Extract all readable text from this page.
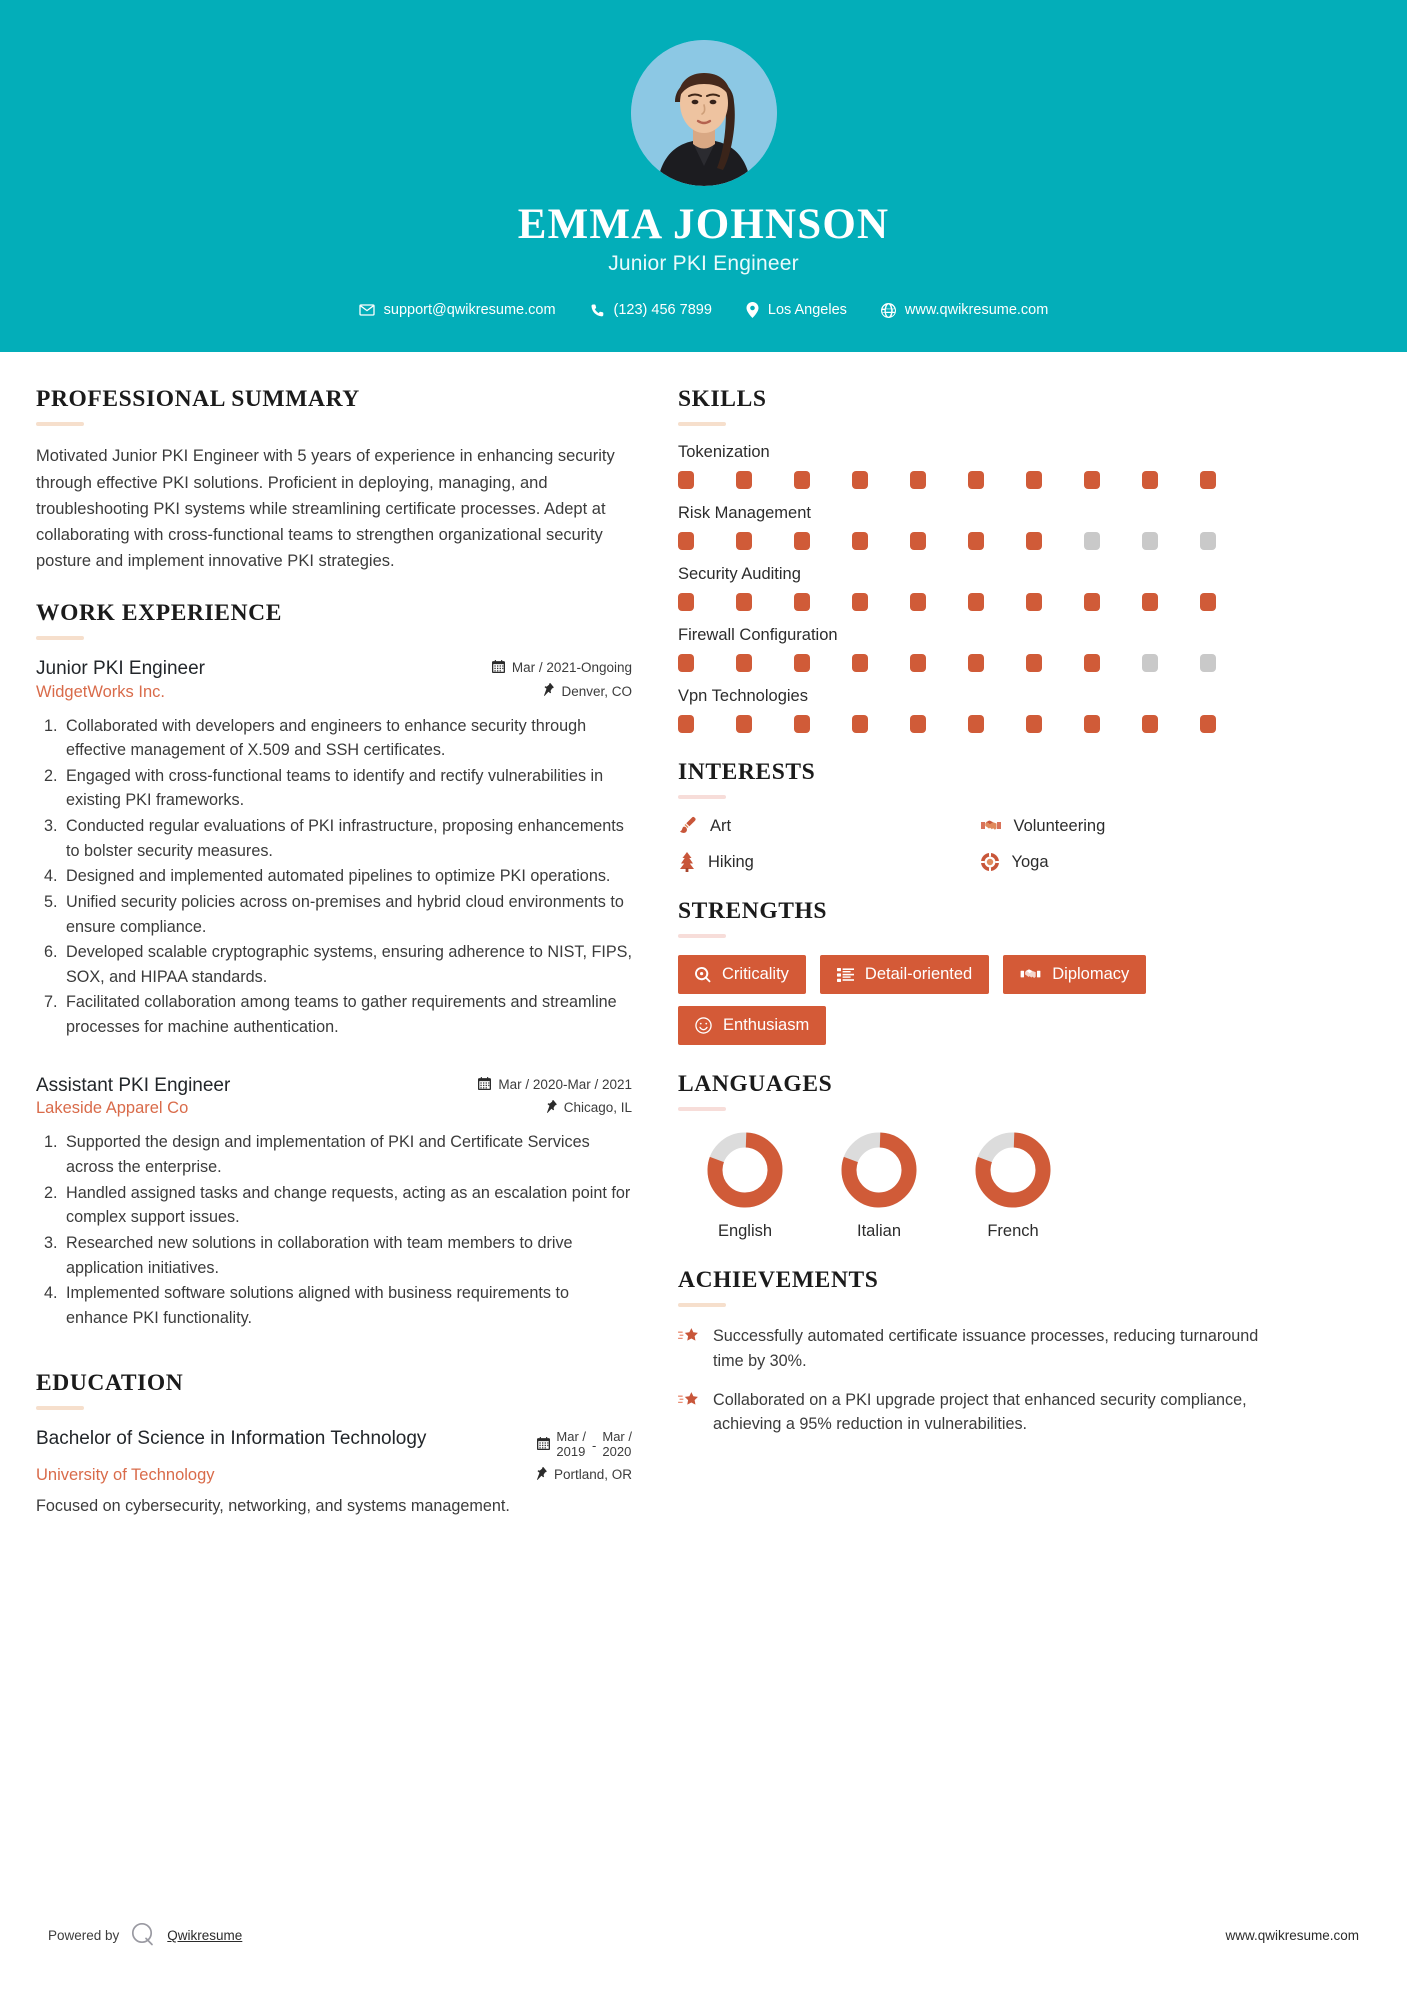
EMMA JOHNSON
Junior PKI Engineer
support@qwikresume.com	(123) 456 7899	Los Angeles	www.qwikresume.com
PROFESSIONAL SUMMARY
Motivated Junior PKI Engineer with 5 years of experience in enhancing security through effective PKI solutions. Proficient in deploying, managing, and troubleshooting PKI systems while streamlining certificate processes. Adept at collaborating with cross-functional teams to strengthen organizational security posture and implement innovative PKI strategies.
WORK EXPERIENCE
Junior PKI Engineer	Mar / 2021-Ongoing
WidgetWorks Inc.	Denver, CO
1. Collaborated with developers and engineers to enhance security through effective management of X.509 and SSH certificates.
2. Engaged with cross-functional teams to identify and rectify vulnerabilities in existing PKI frameworks.
3. Conducted regular evaluations of PKI infrastructure, proposing enhancements to bolster security measures.
4. Designed and implemented automated pipelines to optimize PKI operations.
5. Unified security policies across on-premises and hybrid cloud environments to ensure compliance.
6. Developed scalable cryptographic systems, ensuring adherence to NIST, FIPS, SOX, and HIPAA standards.
7. Facilitated collaboration among teams to gather requirements and streamline processes for machine authentication.
Assistant PKI Engineer	Mar / 2020-Mar / 2021
Lakeside Apparel Co	Chicago, IL
1. Supported the design and implementation of PKI and Certificate Services across the enterprise.
2. Handled assigned tasks and change requests, acting as an escalation point for complex support issues.
3. Researched new solutions in collaboration with team members to drive application initiatives.
4. Implemented software solutions aligned with business requirements to enhance PKI functionality.
EDUCATION
Bachelor of Science in Information Technology	Mar /
2019 -
Mar /
2020
University of Technology	Portland, OR
Focused on cybersecurity, networking, and systems management.
SKILLS
Tokenization
Risk Management
Security Auditing
Firewall Configuration
Vpn Technologies
INTERESTS
Art	Volunteering
Hiking	Yoga
STRENGTHS
Criticality	Detail-oriented	Diplomacy
Enthusiasm
LANGUAGES
English	Italian	French
ACHIEVEMENTS
Successfully automated certificate issuance processes, reducing turnaround time by 30%.
Collaborated on a PKI upgrade project that enhanced security compliance, achieving a 95% reduction in vulnerabilities.
Powered by	Qwikresume	www.qwikresume.com
